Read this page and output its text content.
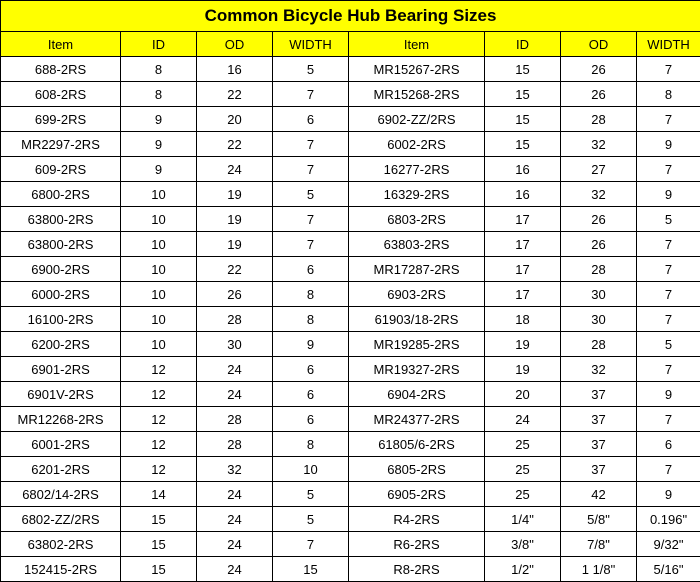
Common Bicycle Hub Bearing Sizes							
Item	ID	OD	WIDTH	Item	ID	OD	WIDTH
688-2RS	8	16	5	MR15267-2RS	15	26	7
608-2RS	8	22	7	MR15268-2RS	15	26	8
699-2RS	9	20	6	6902-ZZ/2RS	15	28	7
MR2297-2RS	9	22	7	6002-2RS	15	32	9
609-2RS	9	24	7	16277-2RS	16	27	7
6800-2RS	10	19	5	16329-2RS	16	32	9
63800-2RS	10	19	7	6803-2RS	17	26	5
63800-2RS	10	19	7	63803-2RS	17	26	7
6900-2RS	10	22	6	MR17287-2RS	17	28	7
6000-2RS	10	26	8	6903-2RS	17	30	7
16100-2RS	10	28	8	61903/18-2RS	18	30	7
6200-2RS	10	30	9	MR19285-2RS	19	28	5
6901-2RS	12	24	6	MR19327-2RS	19	32	7
6901V-2RS	12	24	6	6904-2RS	20	37	9
MR12268-2RS	12	28	6	MR24377-2RS	24	37	7
6001-2RS	12	28	8	61805/6-2RS	25	37	6
6201-2RS	12	32	10	6805-2RS	25	37	7
6802/14-2RS	14	24	5	6905-2RS	25	42	9
6802-ZZ/2RS	15	24	5	R4-2RS	1/4"	5/8"	0.196"
63802-2RS	15	24	7	R6-2RS	3/8"	7/8"	9/32"
152415-2RS	15	24	15	R8-2RS	1/2"	1 1/8"	5/16"
